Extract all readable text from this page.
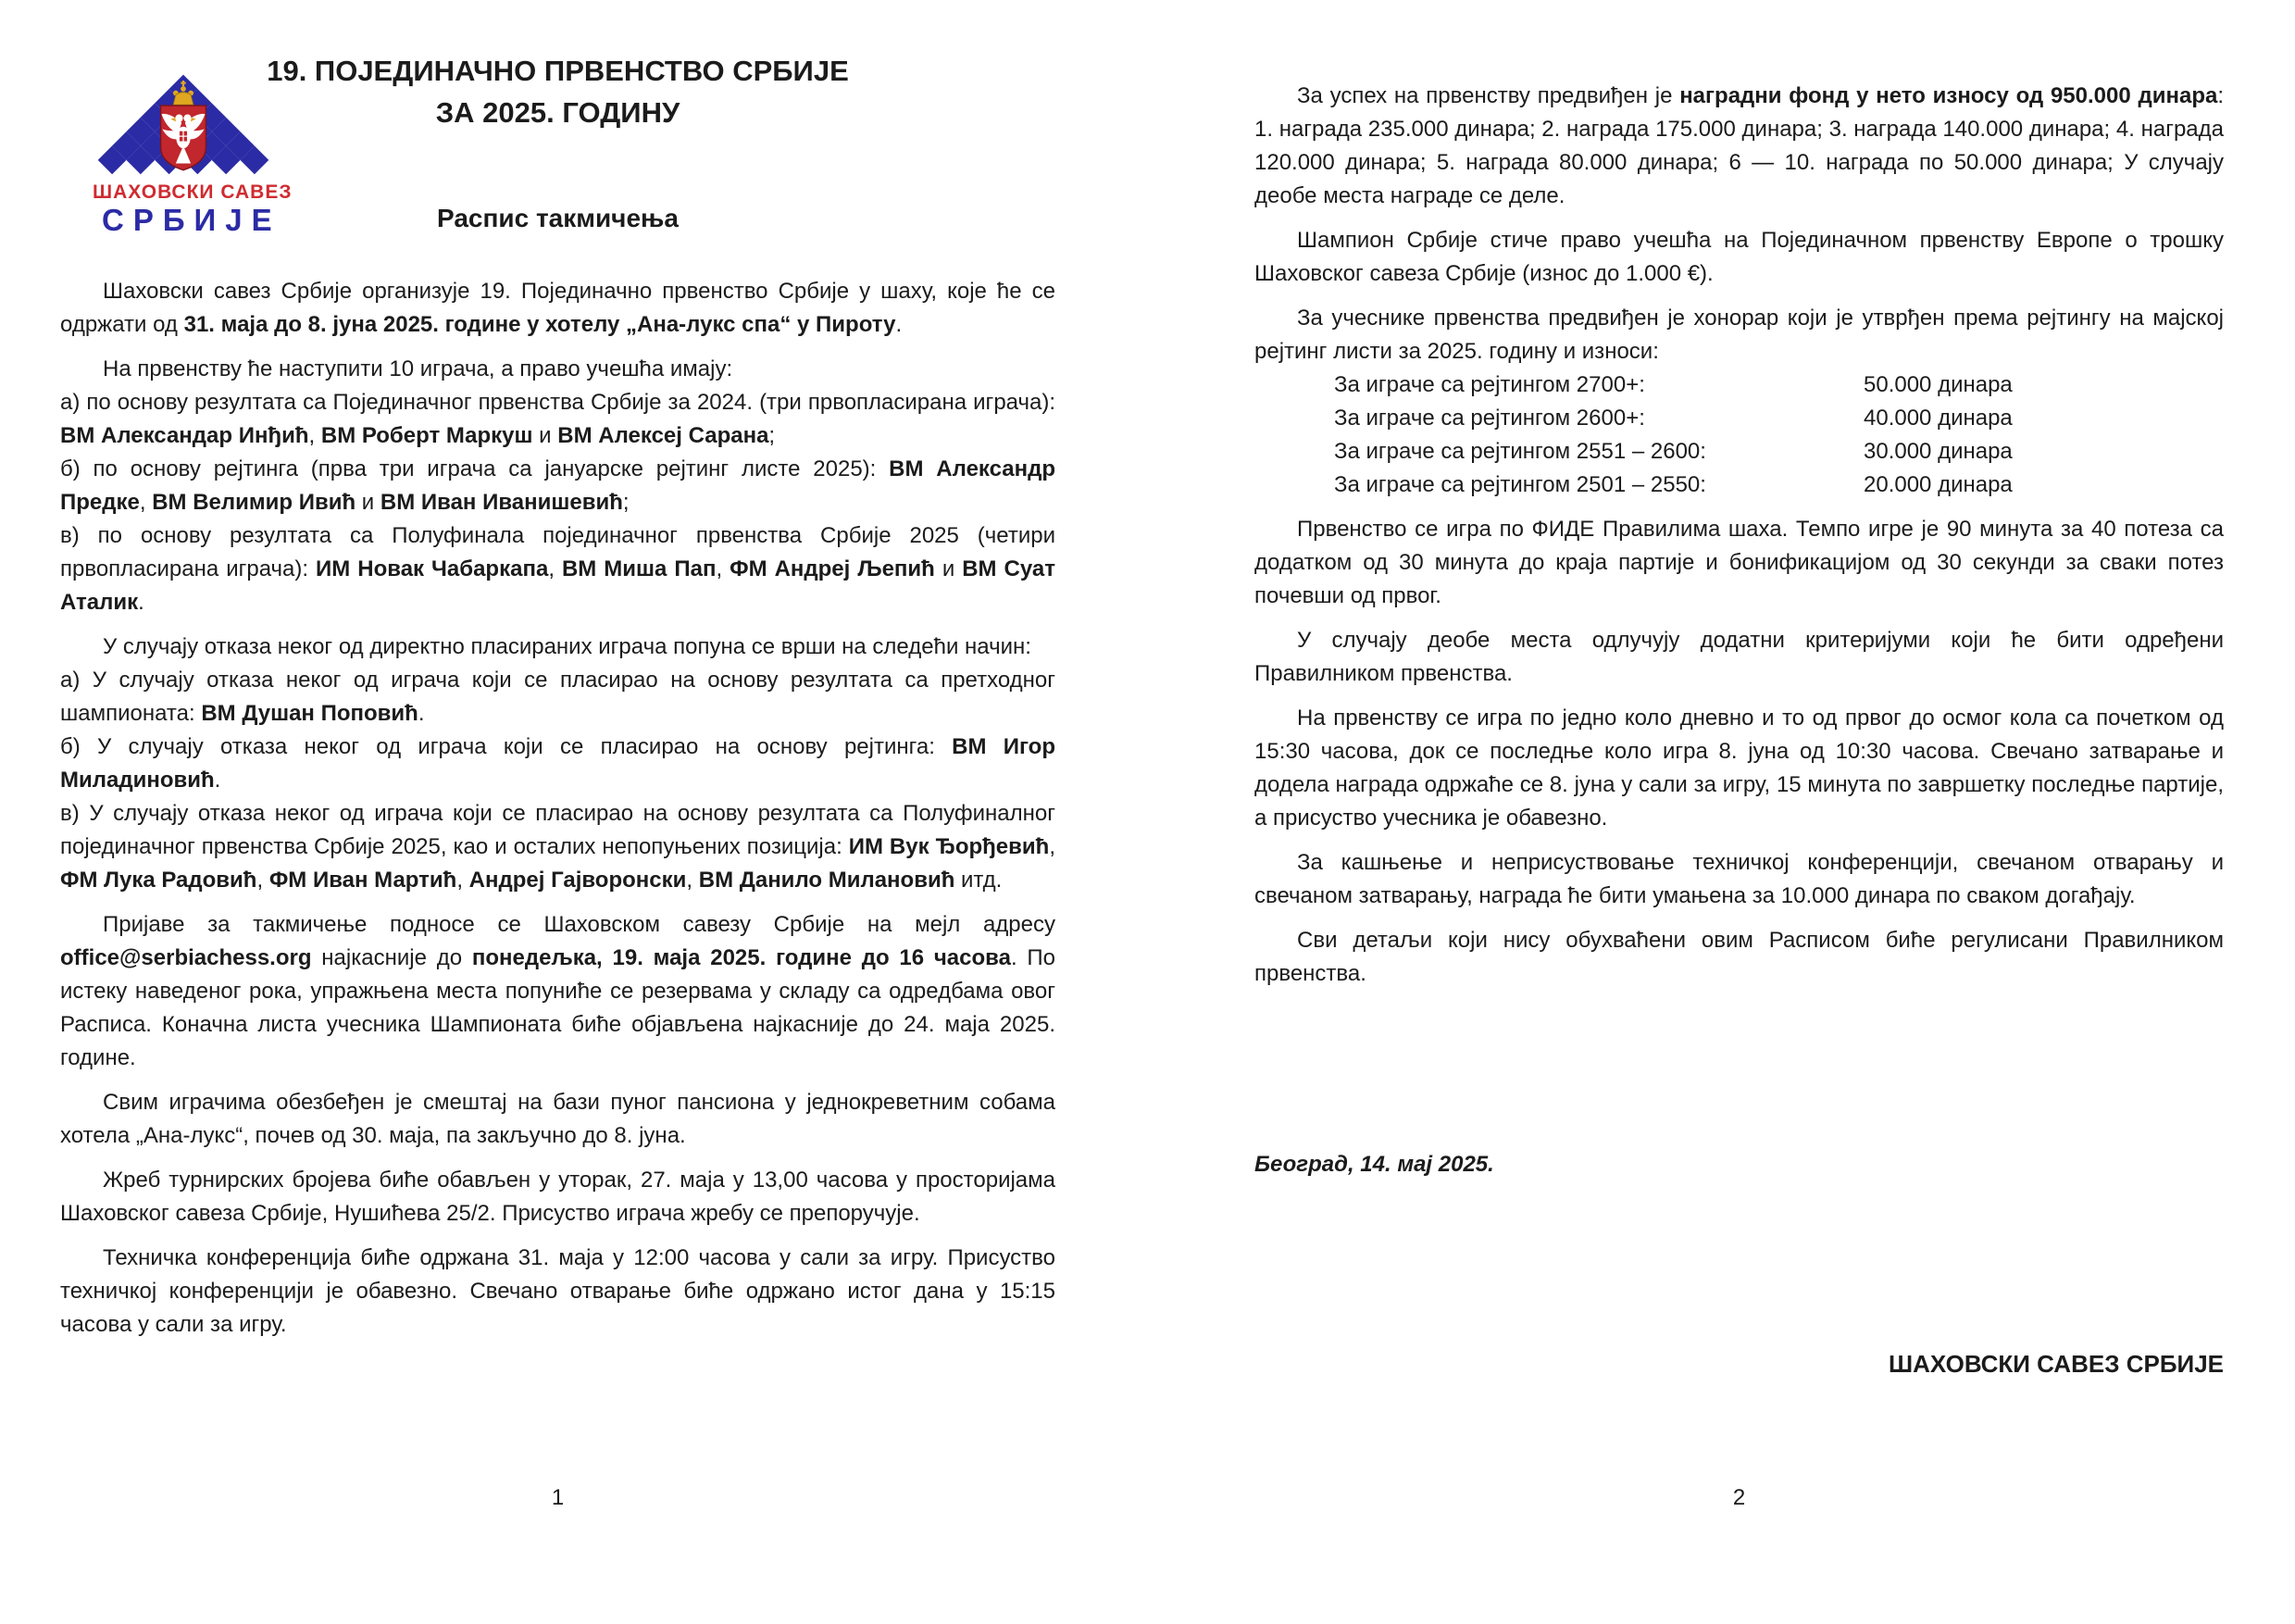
ШАХОВСКИ САВЕЗ
СРБИЈЕ
19. ПОЈЕДИНАЧНО ПРВЕНСТВО СРБИЈЕ
ЗА 2025. ГОДИНУ
Распис такмичења
Шаховски савез Србије организује 19. Појединачно првенство Србије у шаху, које ће се одржати од 31. маја до 8. јуна 2025. године у хотелу „Ана-лукс спа“ у Пироту.
На првенству ће наступити 10 играча, а право учешћа имају:
а) по основу резултата са Појединачног првенства Србије за 2024. (три првопласирана играча): ВМ Александар Инђић, ВМ Роберт Маркуш и ВМ Алексеј Сарана;
б) по основу рејтинга (прва три играча са јануарске рејтинг листе 2025): ВМ Александр Предке, ВМ Велимир Ивић и ВМ Иван Иванишевић;
в) по основу резултата са Полуфинала појединачног првенства Србије 2025 (четири првопласирана играча): ИМ Новак Чабаркапа, ВМ Миша Пап, ФМ Андреј Љепић и ВМ Суат Аталик.
У случају отказа неког од директно пласираних играча попуна се врши на следећи начин:
а) У случају отказа неког од играча који се пласирао на основу резултата са претходног шампионата: ВМ Душан Поповић.
б) У случају отказа неког од играча који се пласирао на основу рејтинга: ВМ Игор Миладиновић.
в) У случају отказа неког од играча који се пласирао на основу резултата са Полуфиналног појединачног првенства Србије 2025, као и осталих непопуњених позиција: ИМ Вук Ђорђевић, ФМ Лука Радовић, ФМ Иван Мартић, Андреј Гајворонски, ВМ Данило Милановић итд.
Пријаве за такмичење подносе се Шаховском савезу Србије на мејл адресу office@serbiachess.org најкасније до понедељка, 19. маја 2025. године до 16 часова. По истеку наведеног рока, упражњена места попуниће се резервама у складу са одредбама овог Расписа. Коначна листа учесника Шампионата биће објављена најкасније до 24. маја 2025. године.
Свим играчима обезбеђен је смештај на бази пуног пансиона у једнокреветним собама хотела „Ана-лукс“, почев од 30. маја, па закључно до 8. јуна.
Жреб турнирских бројева биће обављен у уторак, 27. маја у 13,00 часова у просторијама Шаховског савеза Србије, Нушићева 25/2. Присуство играча жребу се препоручује.
Техничка конференција биће одржана 31. маја у 12:00 часова у сали за игру. Присуство техничкој конференцији је обавезно. Свечано отварање биће одржано истог дана у 15:15 часова у сали за игру.
1
За успех на првенству предвиђен је наградни фонд у нето износу од 950.000 динара: 1. награда 235.000 динара; 2. награда 175.000 динара; 3. награда 140.000 динара; 4. награда 120.000 динара; 5. награда 80.000 динара; 6 — 10. награда по 50.000 динара; У случају деобе места награде се деле.
Шампион Србије стиче право учешћа на Појединачном првенству Европе о трошку Шаховског савеза Србије (износ до 1.000 €).
За учеснике првенства предвиђен је хонорар који је утврђен према рејтингу на мајској рејтинг листи за 2025. годину и износи:
За играче са рејтингом 2700+:	50.000 динара
За играче са рејтингом 2600+:	40.000 динара
За играче са рејтингом 2551 – 2600:	30.000 динара
За играче са рејтингом 2501 – 2550:	20.000 динара
Првенство се игра по ФИДЕ Правилима шаха. Темпо игре је 90 минута за 40 потеза са додатком од 30 минута до краја партије и бонификацијом од 30 секунди за сваки потез почевши од првог.
У случају деобе места одлучују додатни критеријуми који ће бити одређени Правилником првенства.
На првенству се игра по једно коло дневно и то од првог до осмог кола са почетком од 15:30 часова, док се последње коло игра 8. јуна од 10:30 часова. Свечано затварање и додела награда одржаће се 8. јуна у сали за игру, 15 минута по завршетку последње партије, а присуство учесника је обавезно.
За кашњење и неприсуствовање техничкој конференцији, свечаном отварању и свечаном затварању, награда ће бити умањена за 10.000 динара по сваком догађају.
Сви детаљи који нису обухваћени овим Расписом биће регулисани Правилником првенства.
Београд, 14. мај 2025.
ШАХОВСКИ САВЕЗ СРБИЈЕ
2
